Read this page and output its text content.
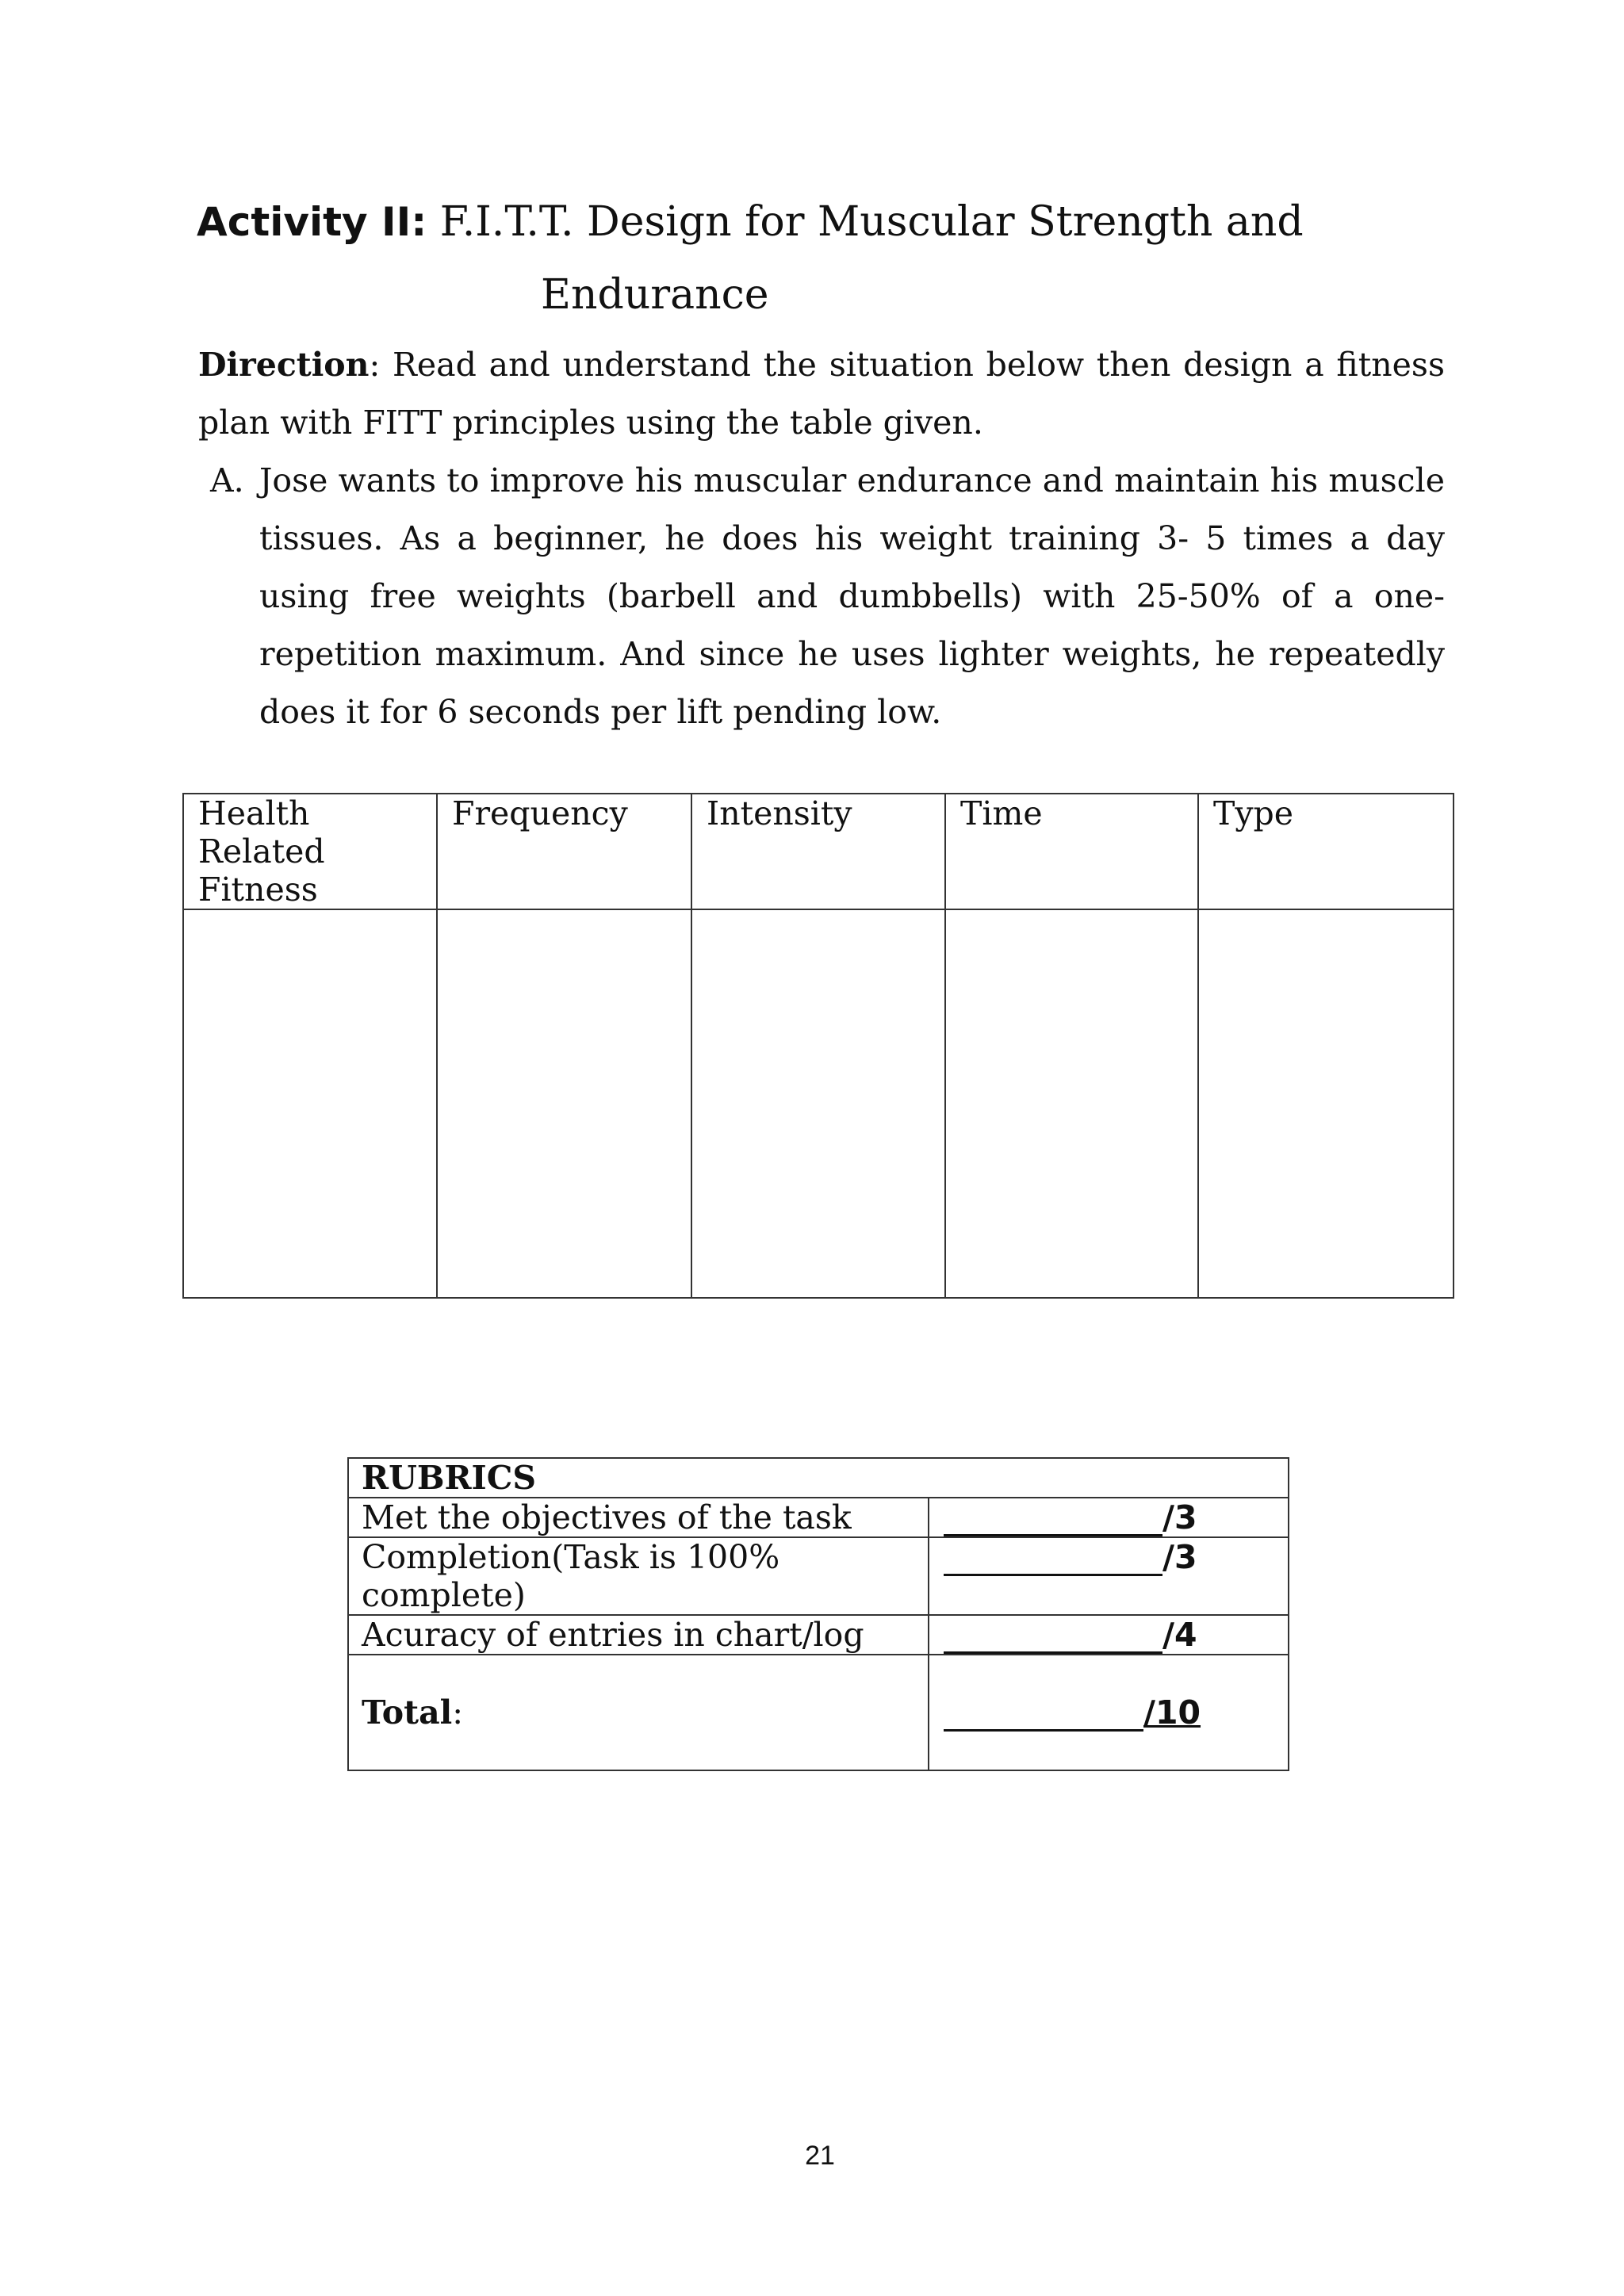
Activity II: F.I.T.T. Design for Muscular Strength and
Endurance
Direction: Read and understand the situation below then design a fitness plan with FITT principles using the table given.
A. Jose wants to improve his muscular endurance and maintain his muscle tissues. As a beginner, he does his weight training 3- 5 times a day using free weights (barbell and dumbbells) with 25-50% of a one-repetition maximum. And since he uses lighter weights, he repeatedly does it for 6 seconds per lift pending low.
Health Related Fitness	Frequency	Intensity	Time	Type

RUBRICS	
Met the objectives of the task	/3
Completion(Task is 100% complete)	/3
Acuracy of entries in chart/log	/4
Total:	/10
21
